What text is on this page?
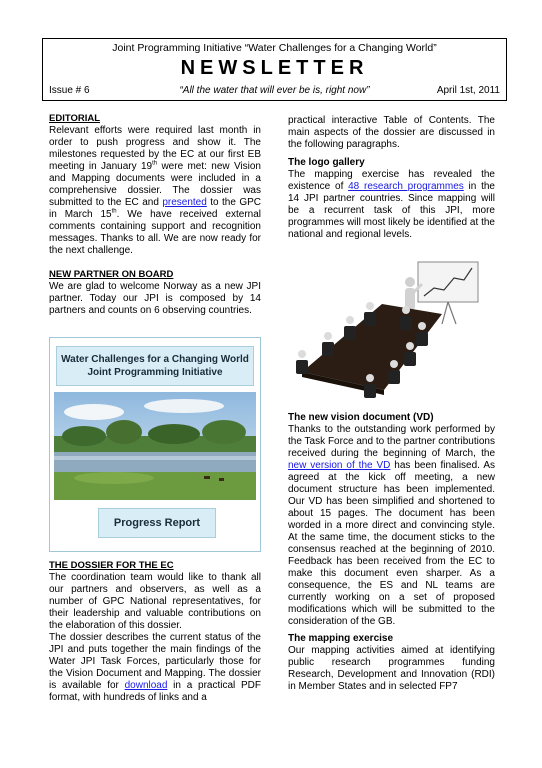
Joint Programming Initiative “Water Challenges for a Changing World”
NEWSLETTER
Issue # 6	“All the water that will ever be is, right now”	April 1st, 2011
EDITORIAL

Relevant efforts were required last month in order to push progress and show it. The milestones requested by the EC at our first EB meeting in January 19th were met: new Vision and Mapping documents were included in a comprehensive dossier. The dossier was submitted to the EC and presented to the GPC in March 15th. We have received external comments containing support and recognition messages. Thanks to all. We are now ready for the next challenge.

NEW PARTNER ON BOARD

We are glad to welcome Norway as a new JPI partner. Today our JPI is composed by 14 partners and counts on 6 observing countries.

Water Challenges for a Changing World
Joint Programming Initiative
Progress Report
THE DOSSIER FOR THE EC

The coordination team would like to thank all our partners and observers, as well as a number of GPC National representatives, for their leadership and valuable contributions on the elaboration of this dossier.

The dossier describes the current status of the JPI and puts together the main findings of the Water JPI Task Forces, particularly those for the Vision Document and Mapping. The dossier is available for download in a practical PDF format, with hundreds of links and a

practical interactive Table of Contents. The main aspects of the dossier are discussed in the following paragraphs.

The logo gallery

The mapping exercise has revealed the existence of 48 research programmes in the 14 JPI partner countries. Since mapping will be a recurrent task of this JPI, more programmes will most likely be identified at the national and regional levels.

The new vision document (VD)

Thanks to the outstanding work performed by the Task Force and to the partner contributions received during the beginning of March, the new version of the VD has been finalised. As agreed at the kick off meeting, a new document structure has been implemented. Our VD has been simplified and shortened to about 15 pages. The document has been worded in a more direct and convincing style. At the same time, the document sticks to the consensus reached at the beginning of 2010. Feedback has been received from the EC to make this document even sharper. As a consequence, the ES and NL teams are currently working on a set of proposed modifications which will be submitted to the consideration of the GB.

The mapping exercise

Our mapping activities aimed at identifying public research programmes funding Research, Development and Innovation (RDI) in Member States and in selected FP7
